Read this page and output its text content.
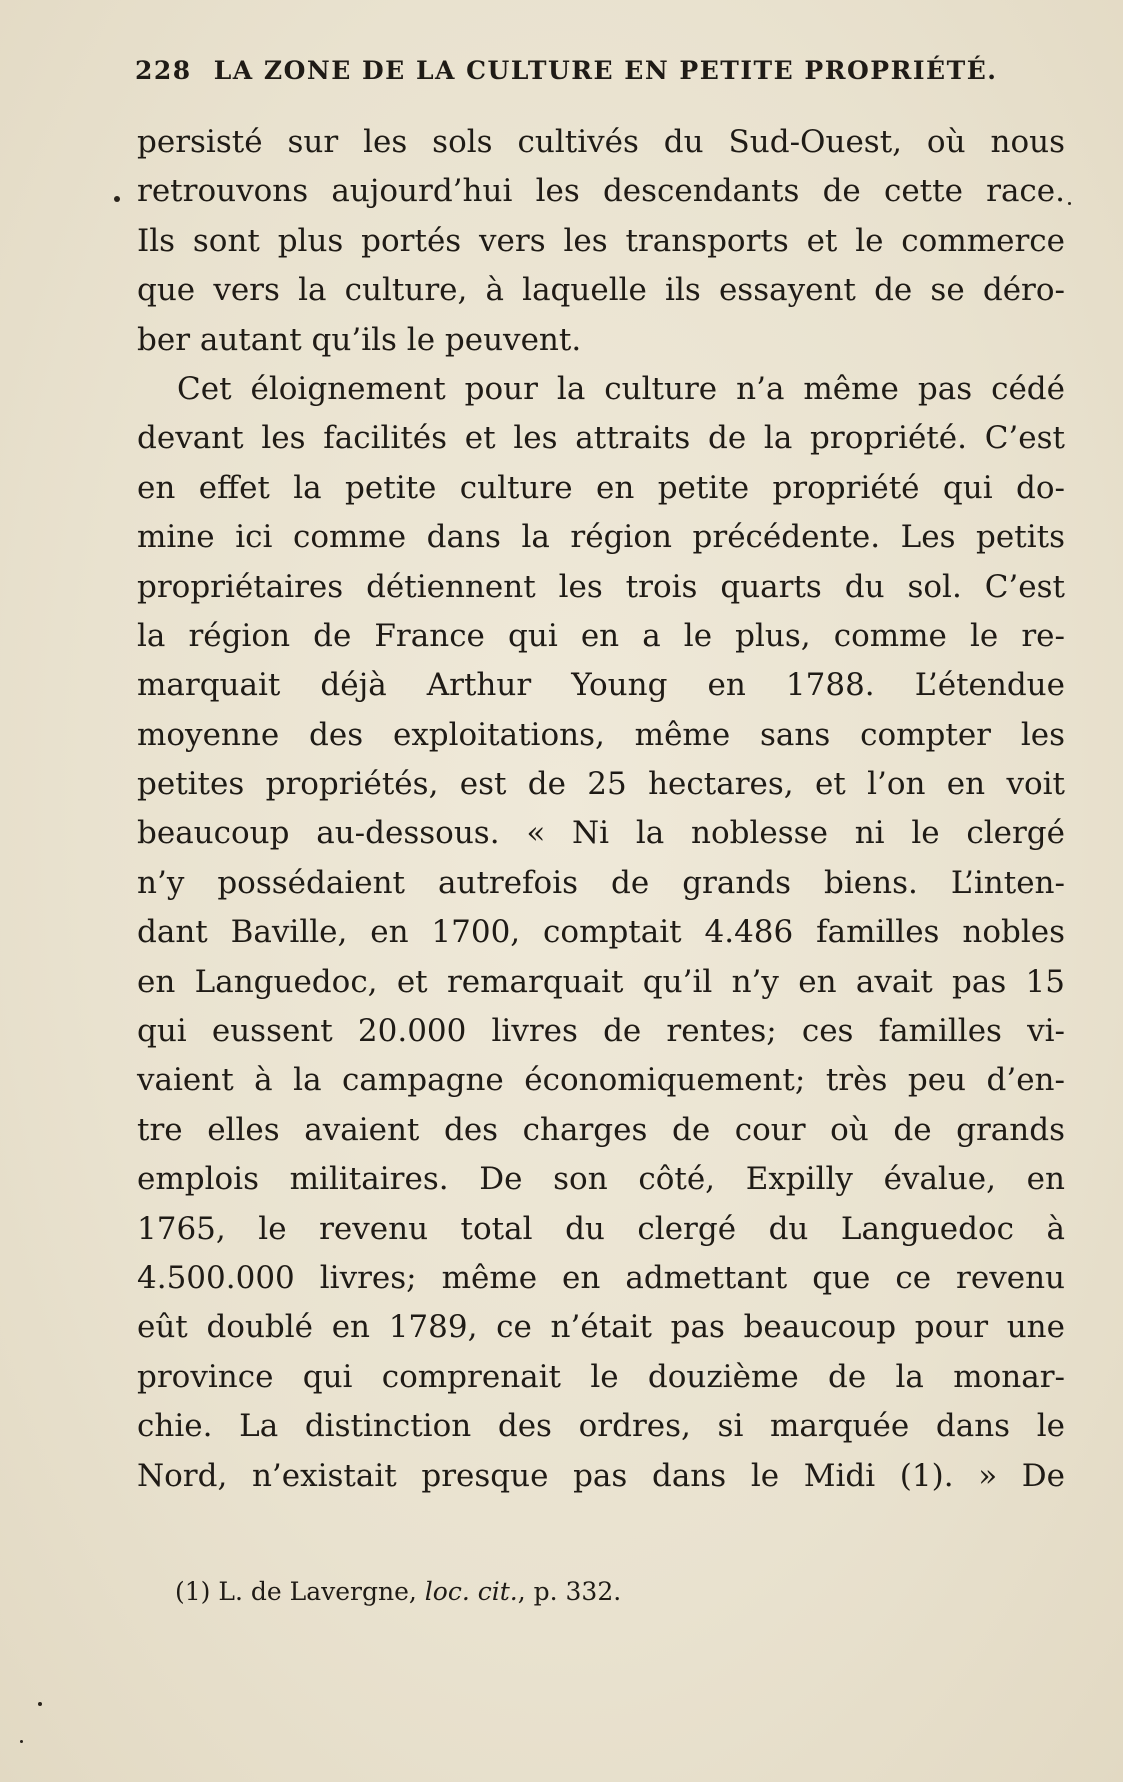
228 LA ZONE DE LA CULTURE EN PETITE PROPRIÉTÉ.
persisté sur les sols cultivés du Sud-Ouest, où nous
retrouvons aujourd’hui les descendants de cette race.
Ils sont plus portés vers les transports et le commerce
que vers la culture, à laquelle ils essayent de se déro-
ber autant qu’ils le peuvent.
Cet éloignement pour la culture n’a même pas cédé
devant les facilités et les attraits de la propriété. C’est
en effet la petite culture en petite propriété qui do-
mine ici comme dans la région précédente. Les petits
propriétaires détiennent les trois quarts du sol. C’est
la région de France qui en a le plus, comme le re-
marquait déjà Arthur Young en 1788. L’étendue
moyenne des exploitations, même sans compter les
petites propriétés, est de 25 hectares, et l’on en voit
beaucoup au-dessous. « Ni la noblesse ni le clergé
n’y possédaient autrefois de grands biens. L’inten-
dant Baville, en 1700, comptait 4.486 familles nobles
en Languedoc, et remarquait qu’il n’y en avait pas 15
qui eussent 20.000 livres de rentes; ces familles vi-
vaient à la campagne économiquement; très peu d’en-
tre elles avaient des charges de cour où de grands
emplois militaires. De son côté, Expilly évalue, en
1765, le revenu total du clergé du Languedoc à
4.500.000 livres; même en admettant que ce revenu
eût doublé en 1789, ce n’était pas beaucoup pour une
province qui comprenait le douzième de la monar-
chie. La distinction des ordres, si marquée dans le
Nord, n’existait presque pas dans le Midi (1). » De
(1) L. de Lavergne, loc. cit., p. 332.
